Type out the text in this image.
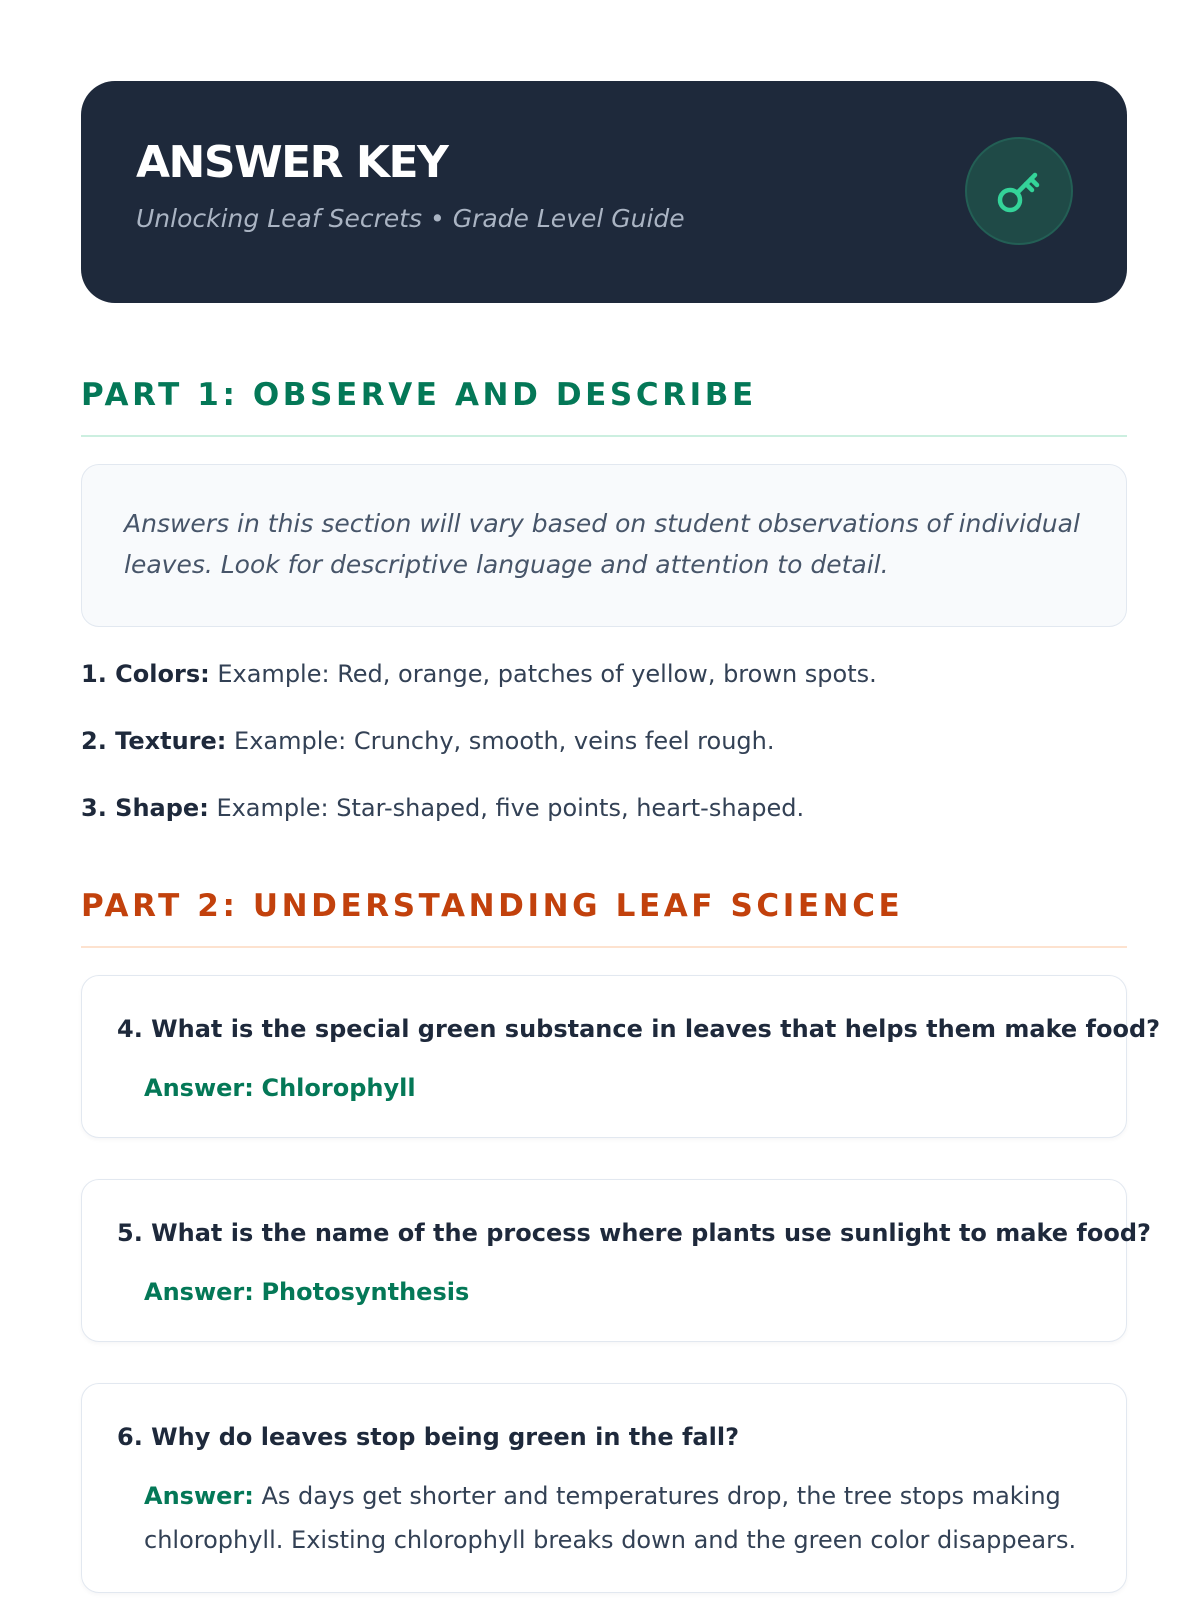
ANSWER KEY
Unlocking Leaf Secrets • Grade Level Guide
PART 1: OBSERVE AND DESCRIBE
Answers in this section will vary based on student observations of individual leaves. Look for descriptive language and attention to detail.
1. Colors: Example: Red, orange, patches of yellow, brown spots.
2. Texture: Example: Crunchy, smooth, veins feel rough.
3. Shape: Example: Star-shaped, five points, heart-shaped.
PART 2: UNDERSTANDING LEAF SCIENCE
4. What is the special green substance in leaves that helps them make food?
Answer: Chlorophyll
5. What is the name of the process where plants use sunlight to make food?
Answer: Photosynthesis
6. Why do leaves stop being green in the fall?
Answer: As days get shorter and temperatures drop, the tree stops making chlorophyll. Existing chlorophyll breaks down and the green color disappears.
